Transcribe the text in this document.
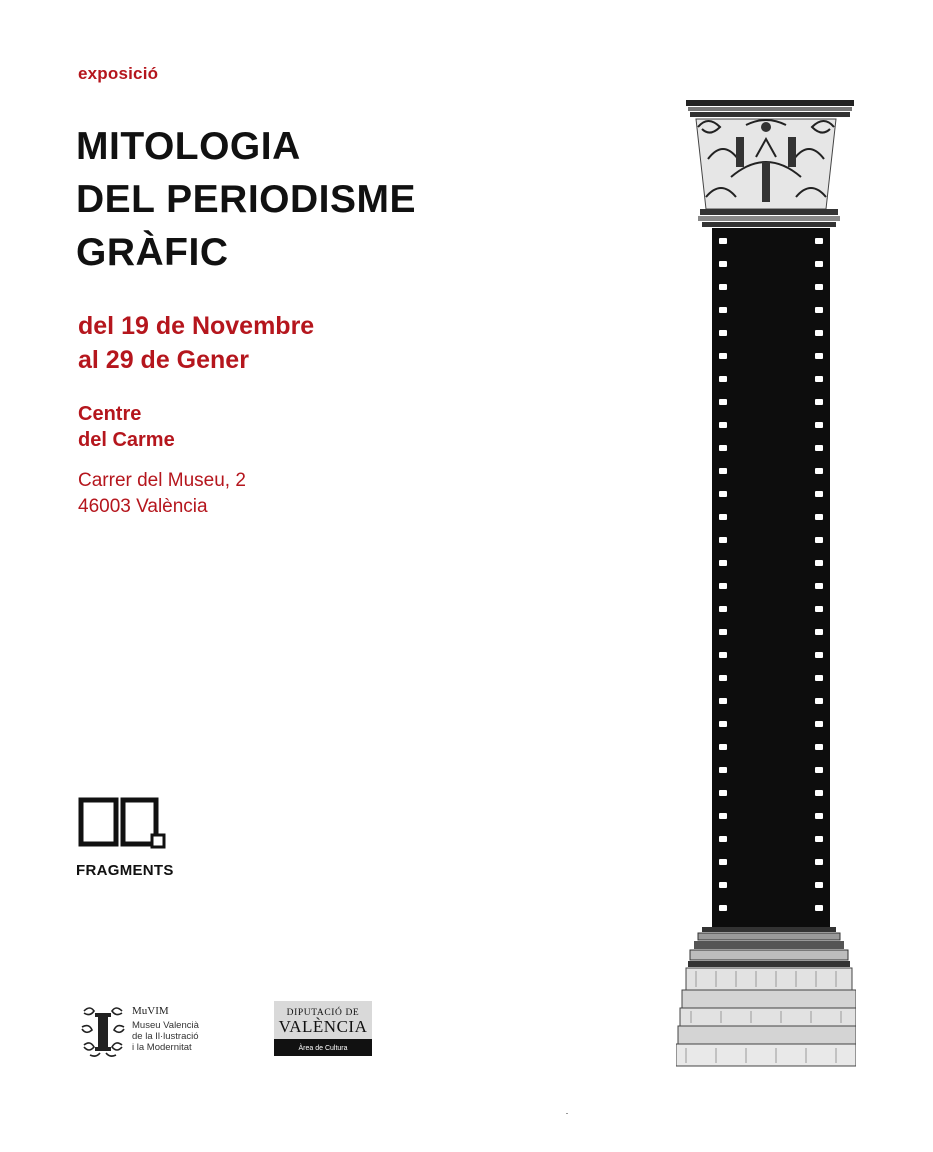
exposició
MITOLOGIA
DEL PERIODISME
GRÀFIC
del 19 de Novembre
al 29 de Gener
Centre
del Carme
Carrer del Museu, 2
46003 València
FRAGMENTS
MuVIM
Museu Valencià
de la Il·lustració
i la Modernitat
DIPUTACIÓ DE
VALÈNCIA
Àrea de Cultura
